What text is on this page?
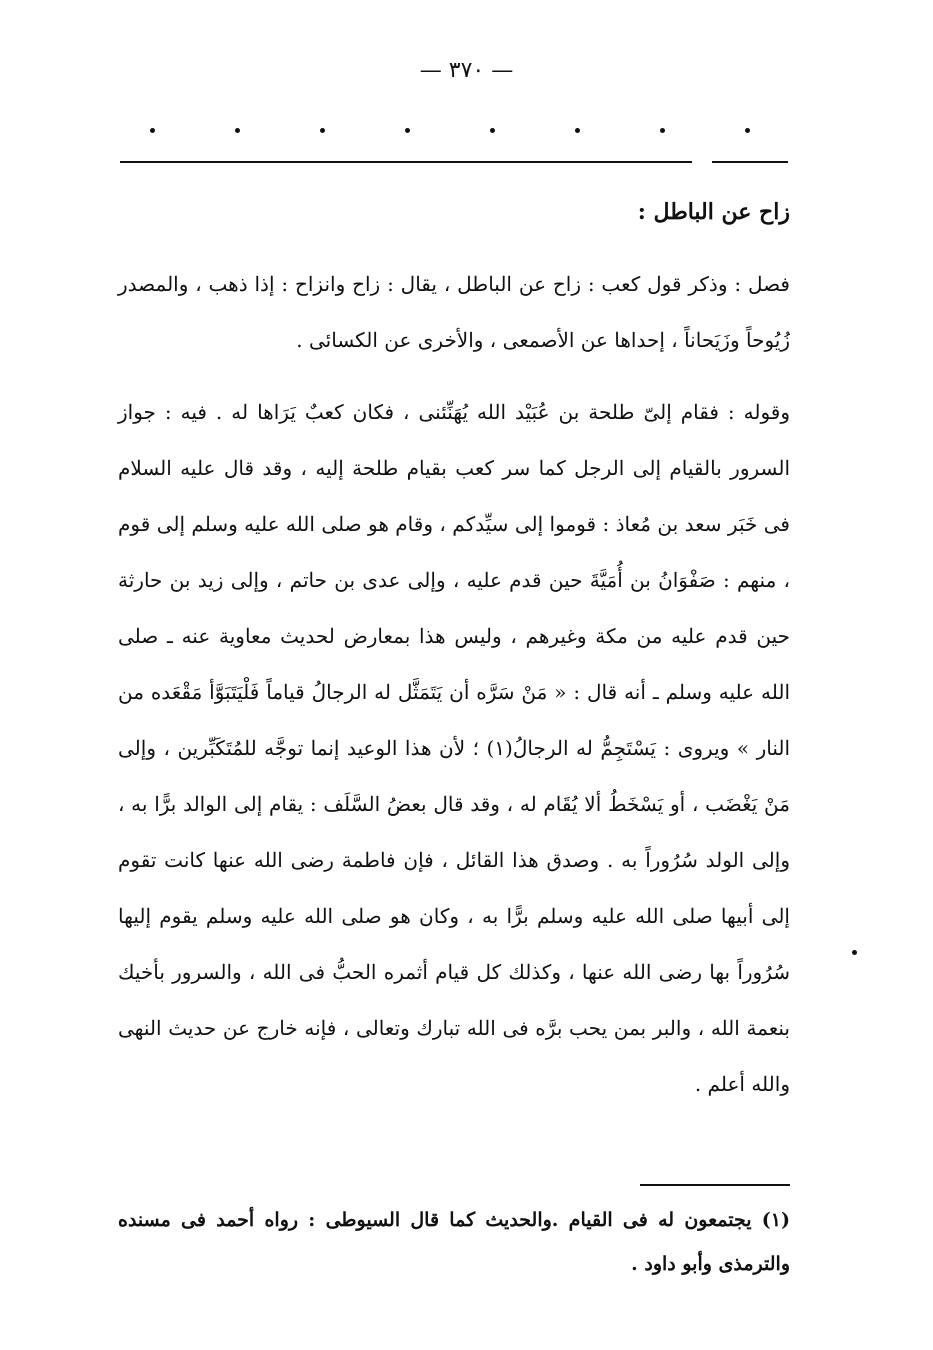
— ٣٧٠ —
زاح عن الباطل :

فصل : وذكر قول كعب : زاح عن الباطل ، يقال : زاح وانزاح : إذا ذهب ، والمصدر زُيُوحاً وزَيَحاناً ، إحداها عن الأصمعى ، والأخرى عن الكسائى .

وقوله : فقام إلىّ طلحة بن عُبَيْد الله يُهَنِّئنى ، فكان كعبٌ يَرَاها له . فيه : جواز السرور بالقيام إلى الرجل كما سر كعب بقيام طلحة إليه ، وقد قال عليه السلام فى خَبَر سعد بن مُعاذ : قوموا إلى سيِّدكم ، وقام هو صلى الله عليه وسلم إلى قوم ، منهم : صَفْوَانُ بن أُمَيَّةَ حين قدم عليه ، وإلى عدى بن حاتم ، وإلى زيد بن حارثة حين قدم عليه من مكة وغيرهم ، وليس هذا بمعارض لحديث معاوية عنه ـ صلى الله عليه وسلم ـ أنه قال : « مَنْ سَرَّه أن يَتَمَثَّل له الرجالُ قياماً فَلْيَتَبَوَّأ مَقْعَده من النار » ويروى : يَسْتَجِمُّ له الرجالُ(١) ؛ لأن هذا الوعيد إنما توجَّه للمُتَكَبِّرين ، وإلى مَنْ يَغْضَب ، أو يَسْخَطُ ألا يُقَام له ، وقد قال بعضُ السَّلَف : يقام إلى الوالد برًّا به ، وإلى الولد سُرُوراً به . وصدق هذا القائل ، فإن فاطمة رضى الله عنها كانت تقوم إلى أبيها صلى الله عليه وسلم برًّا به ، وكان هو صلى الله عليه وسلم يقوم إليها سُرُوراً بها رضى الله عنها ، وكذلك كل قيام أثمره الحبُّ فى الله ، والسرور بأخيك بنعمة الله ، والبر بمن يحب برَّه فى الله تبارك وتعالى ، فإنه خارج عن حديث النهى والله أعلم .

(١) يجتمعون له فى القيام .والحديث كما قال السيوطى : رواه أحمد فى مسنده والترمذى وأبو داود .
